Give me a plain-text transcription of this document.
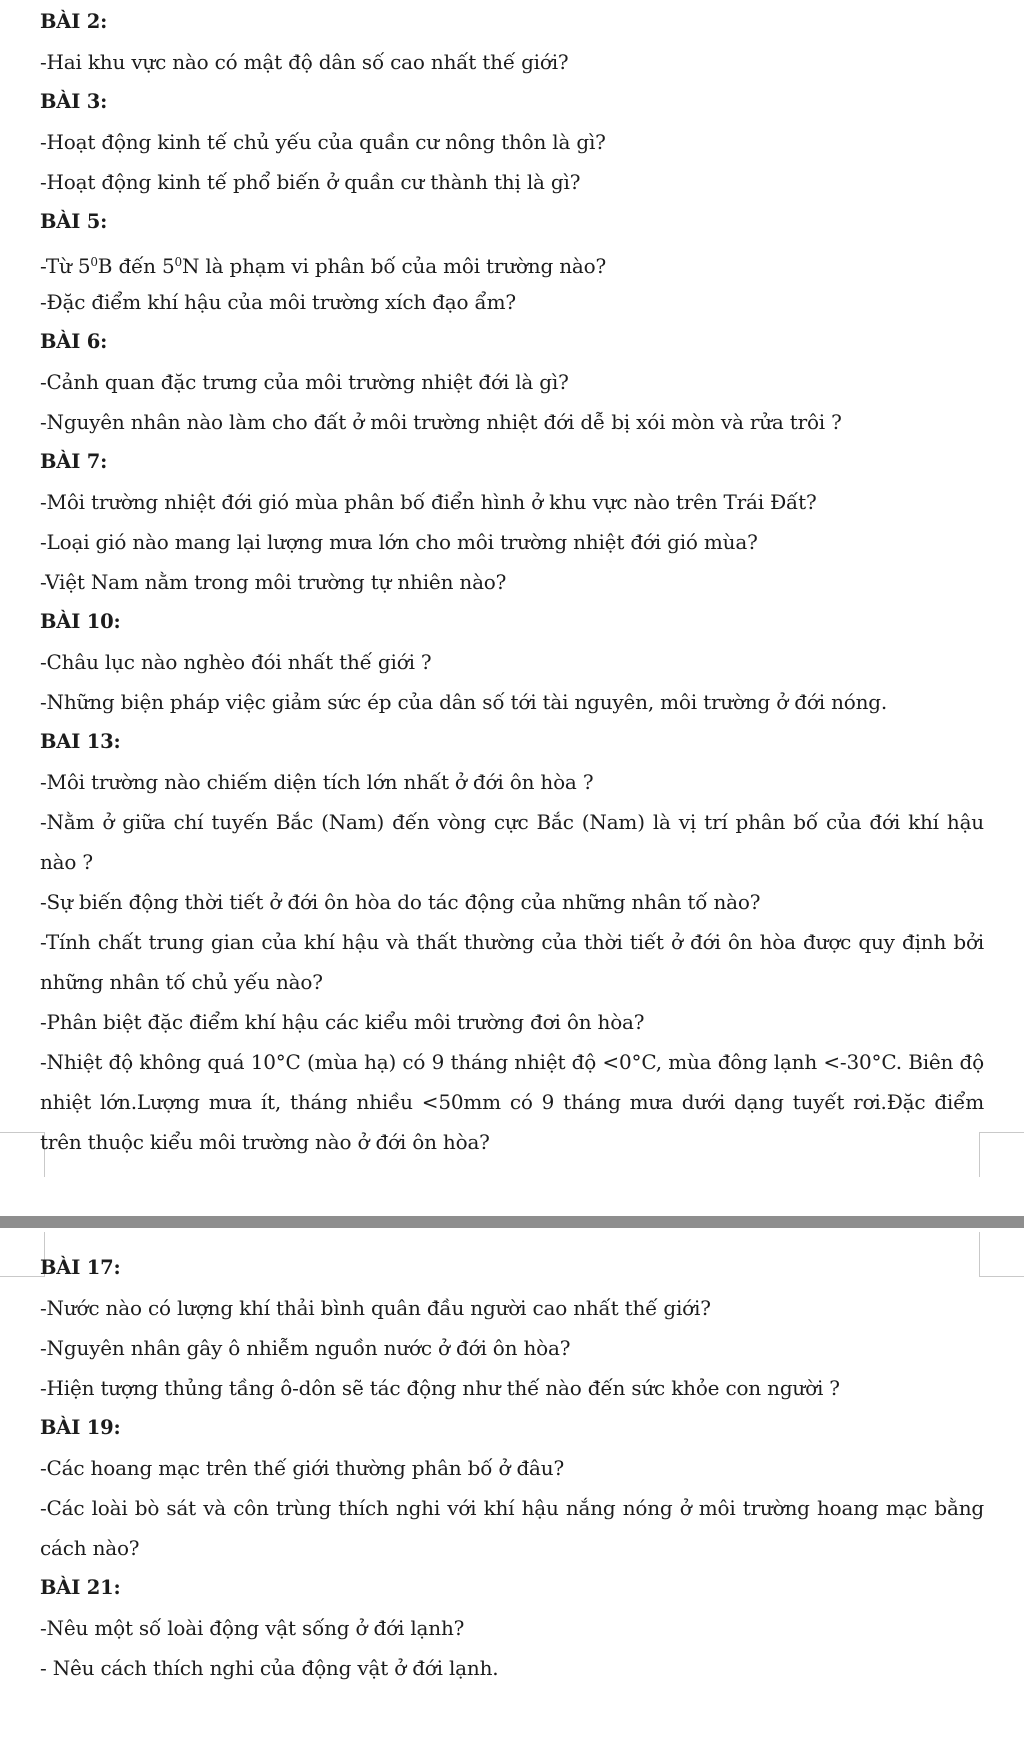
BÀI 2:
-Hai khu vực nào có mật độ dân số cao nhất thế giới?
BÀI 3:
-Hoạt động kinh tế chủ yếu của quần cư nông thôn là gì?
-Hoạt động kinh tế phổ biến ở quần cư thành thị là gì?
BÀI 5:
-Từ $5^0B$ đến $5^0N$ là phạm vi phân bố của môi trường nào?
-Đặc điểm khí hậu của môi trường xích đạo ẩm?
BÀI 6:
-Cảnh quan đặc trưng của môi trường nhiệt đới là gì?
-Nguyên nhân nào làm cho đất ở môi trường nhiệt đới dễ bị xói mòn và rửa trôi ?
BÀI 7:
-Môi trường nhiệt đới gió mùa phân bố điển hình ở khu vực nào trên Trái Đất?
-Loại gió nào mang lại lượng mưa lớn cho môi trường nhiệt đới gió mùa?
-Việt Nam nằm trong môi trường tự nhiên nào?
BÀI 10:
-Châu lục nào nghèo đói nhất thế giới ?
-Những biện pháp việc giảm sức ép của dân số tới tài nguyên, môi trường ở đới nóng.
BAI 13:
-Môi trường nào chiếm diện tích lớn nhất ở đới ôn hòa ?

-Nằm ở giữa chí tuyến Bắc (Nam) đến vòng cực Bắc (Nam) là vị trí phân bố của đới khí hậu nào ?

-Sự biến động thời tiết ở đới ôn hòa do tác động của những nhân tố nào?

-Tính chất trung gian của khí hậu và thất thường của thời tiết ở đới ôn hòa được quy định bởi những nhân tố chủ yếu nào?

-Phân biệt đặc điểm khí hậu các kiểu môi trường đơi ôn hòa?

-Nhiệt độ không quá 10°C (mùa hạ) có 9 tháng nhiệt độ <0°C, mùa đông lạnh <-30°C. Biên độ nhiệt lớn.Lượng mưa ít, tháng nhiều <50mm có 9 tháng mưa dưới dạng tuyết rơi.Đặc điểm trên thuộc kiểu môi trường nào ở đới ôn hòa?

BÀI 17:
-Nước nào có lượng khí thải bình quân đầu người cao nhất thế giới?
-Nguyên nhân gây ô nhiễm nguồn nước ở đới ôn hòa?
-Hiện tượng thủng tầng ô-dôn sẽ tác động như thế nào đến sức khỏe con người ?
BÀI 19:
-Các hoang mạc trên thế giới thường phân bố ở đâu?

-Các loài bò sát và côn trùng thích nghi với khí hậu nắng nóng ở môi trường hoang mạc bằng cách nào?

BÀI 21:
-Nêu một số loài động vật sống ở đới lạnh?
- Nêu cách thích nghi của động vật ở đới lạnh.
